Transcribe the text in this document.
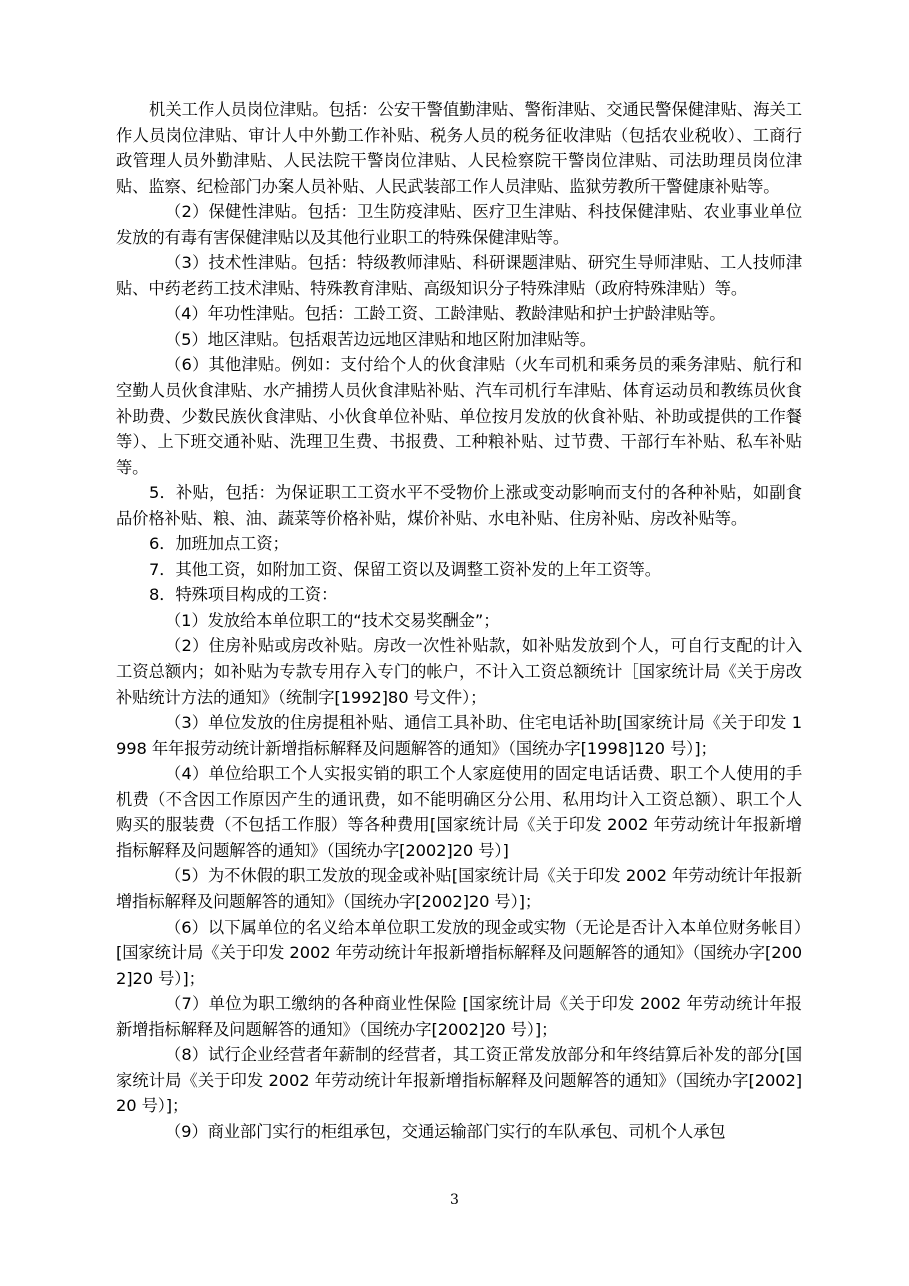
机关工作人员岗位津贴。包括：公安干警值勤津贴、警衔津贴、交通民警保健津贴、海关工作人员岗位津贴、审计人中外勤工作补贴、税务人员的税务征收津贴（包括农业税收）、工商行政管理人员外勤津贴、人民法院干警岗位津贴、人民检察院干警岗位津贴、司法助理员岗位津贴、监察、纪检部门办案人员补贴、人民武装部工作人员津贴、监狱劳教所干警健康补贴等。

（2）保健性津贴。包括：卫生防疫津贴、医疗卫生津贴、科技保健津贴、农业事业单位发放的有毒有害保健津贴以及其他行业职工的特殊保健津贴等。

（3）技术性津贴。包括：特级教师津贴、科研课题津贴、研究生导师津贴、工人技师津贴、中药老药工技术津贴、特殊教育津贴、高级知识分子特殊津贴（政府特殊津贴）等。

（4）年功性津贴。包括：工龄工资、工龄津贴、教龄津贴和护士护龄津贴等。

（5）地区津贴。包括艰苦边远地区津贴和地区附加津贴等。

（6）其他津贴。例如：支付给个人的伙食津贴（火车司机和乘务员的乘务津贴、航行和空勤人员伙食津贴、水产捕捞人员伙食津贴补贴、汽车司机行车津贴、体育运动员和教练员伙食补助费、少数民族伙食津贴、小伙食单位补贴、单位按月发放的伙食补贴、补助或提供的工作餐等）、上下班交通补贴、洗理卫生费、书报费、工种粮补贴、过节费、干部行车补贴、私车补贴等。

5．补贴，包括：为保证职工工资水平不受物价上涨或变动影响而支付的各种补贴，如副食品价格补贴、粮、油、蔬菜等价格补贴，煤价补贴、水电补贴、住房补贴、房改补贴等。

6．加班加点工资；

7．其他工资，如附加工资、保留工资以及调整工资补发的上年工资等。

8．特殊项目构成的工资：

（1）发放给本单位职工的“技术交易奖酬金”；

（2）住房补贴或房改补贴。房改一次性补贴款，如补贴发放到个人，可自行支配的计入工资总额内；如补贴为专款专用存入专门的帐户，不计入工资总额统计［国家统计局《关于房改补贴统计方法的通知》（统制字[1992]80 号文件）；

（3）单位发放的住房提租补贴、通信工具补助、住宅电话补助[国家统计局《关于印发 1998 年年报劳动统计新增指标解释及问题解答的通知》（国统办字[1998]120 号）]；

（4）单位给职工个人实报实销的职工个人家庭使用的固定电话话费、职工个人使用的手机费（不含因工作原因产生的通讯费，如不能明确区分公用、私用均计入工资总额）、职工个人购买的服装费（不包括工作服）等各种费用[国家统计局《关于印发 2002 年劳动统计年报新增指标解释及问题解答的通知》（国统办字[2002]20 号）]

（5）为不休假的职工发放的现金或补贴[国家统计局《关于印发 2002 年劳动统计年报新增指标解释及问题解答的通知》（国统办字[2002]20 号）]；

（6）以下属单位的名义给本单位职工发放的现金或实物（无论是否计入本单位财务帐目）[国家统计局《关于印发 2002 年劳动统计年报新增指标解释及问题解答的通知》（国统办字[2002]20 号）]；

（7）单位为职工缴纳的各种商业性保险 [国家统计局《关于印发 2002 年劳动统计年报新增指标解释及问题解答的通知》（国统办字[2002]20 号）]；

（8）试行企业经营者年薪制的经营者，其工资正常发放部分和年终结算后补发的部分[国家统计局《关于印发 2002 年劳动统计年报新增指标解释及问题解答的通知》（国统办字[2002]20 号）]；

（9）商业部门实行的柜组承包，交通运输部门实行的车队承包、司机个人承包

3
